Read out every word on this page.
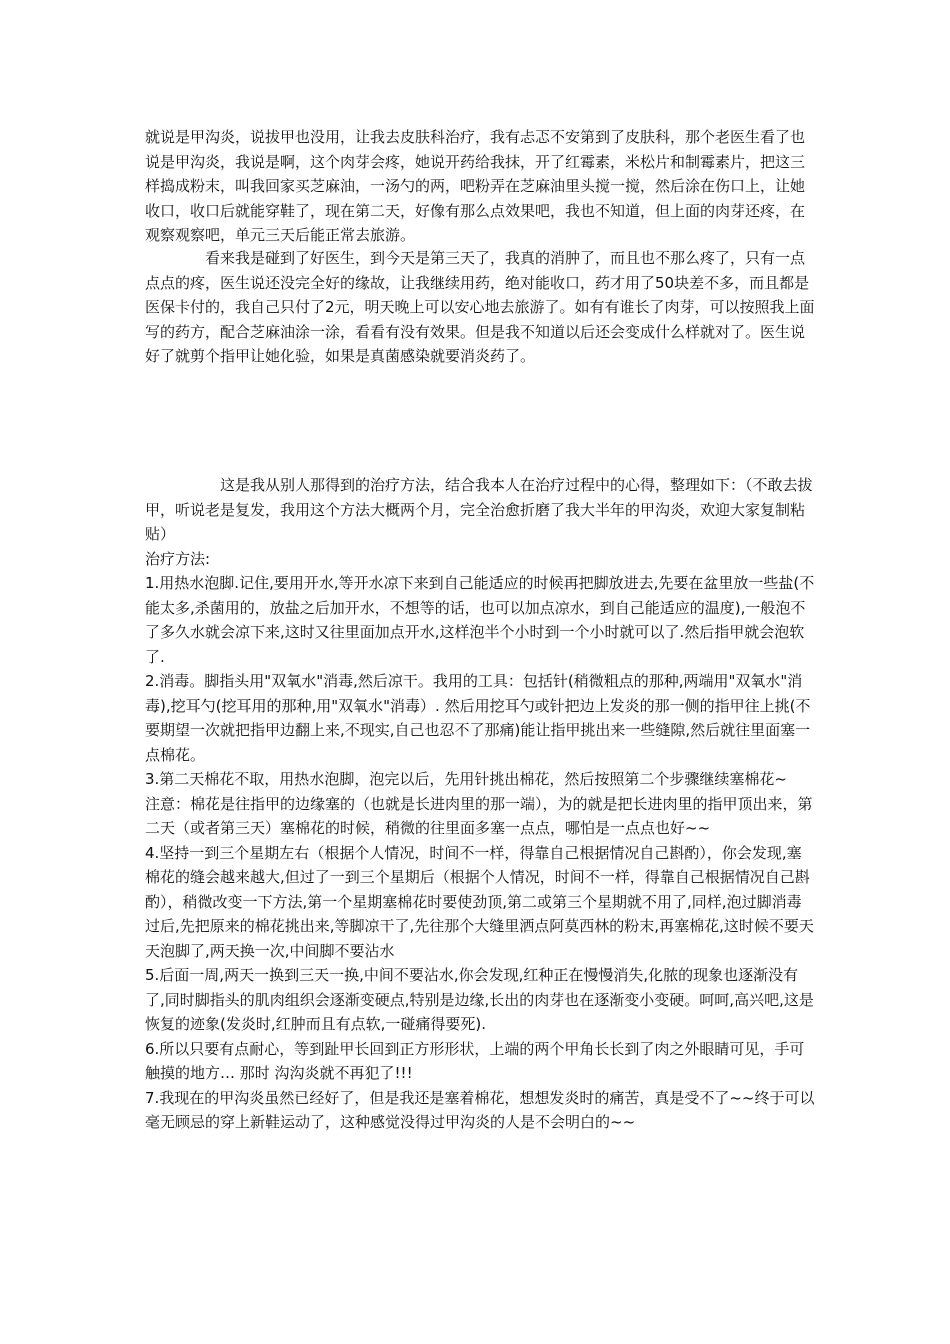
就说是甲沟炎，说拔甲也没用，让我去皮肤科治疗，我有忐忑不安第到了皮肤科，那个老医生看了也说是甲沟炎，我说是啊，这个肉芽会疼，她说开药给我抹，开了红霉素，米松片和制霉素片，把这三样捣成粉末，叫我回家买芝麻油，一汤勺的两，吧粉弄在芝麻油里头搅一搅，然后涂在伤口上，让她收口，收口后就能穿鞋了，现在第二天，好像有那么点效果吧，我也不知道，但上面的肉芽还疼，在观察观察吧，单元三天后能正常去旅游。

　　　　看来我是碰到了好医生，到今天是第三天了，我真的消肿了，而且也不那么疼了，只有一点点点的疼，医生说还没完全好的缘故，让我继续用药，绝对能收口，药才用了50块差不多，而且都是医保卡付的，我自己只付了2元，明天晚上可以安心地去旅游了。如有有谁长了肉芽，可以按照我上面写的药方，配合芝麻油涂一涂，看看有没有效果。但是我不知道以后还会变成什么样就对了。医生说好了就剪个指甲让她化验，如果是真菌感染就要消炎药了。

　　　　　这是我从别人那得到的治疗方法，结合我本人在治疗过程中的心得，整理如下：（不敢去拔甲，听说老是复发，我用这个方法大概两个月，完全治愈折磨了我大半年的甲沟炎，欢迎大家复制粘贴）
治疗方法:
1.用热水泡脚.记住,要用开水,等开水凉下来到自己能适应的时候再把脚放进去,先要在盆里放一些盐(不能太多,杀菌用的，放盐之后加开水，不想等的话，也可以加点凉水，到自己能适应的温度),一般泡不了多久水就会凉下来,这时又往里面加点开水,这样泡半个小时到一个小时就可以了.然后指甲就会泡软了.
2.消毒。脚指头用"双氧水"消毒,然后凉干。我用的工具：包括针(稍微粗点的那种,两端用"双氧水"消毒),挖耳勺(挖耳用的那种,用"双氧水"消毒）. 然后用挖耳勺或针把边上发炎的那一侧的指甲往上挑(不要期望一次就把指甲边翻上来,不现实,自己也忍不了那痛)能让指甲挑出来一些缝隙,然后就往里面塞一点棉花。
3.第二天棉花不取，用热水泡脚，泡完以后，先用针挑出棉花，然后按照第二个步骤继续塞棉花~
注意：棉花是往指甲的边缘塞的（也就是长进肉里的那一端），为的就是把长进肉里的指甲顶出来，第二天（或者第三天）塞棉花的时候，稍微的往里面多塞一点点，哪怕是一点点也好~~
4.坚持一到三个星期左右（根据个人情况，时间不一样，得靠自己根据情况自己斟酌），你会发现,塞棉花的缝会越来越大,但过了一到三个星期后（根据个人情况，时间不一样，得靠自己根据情况自己斟酌），稍微改变一下方法,第一个星期塞棉花时要使劲顶,第二或第三个星期就不用了,同样,泡过脚消毒过后,先把原来的棉花挑出来,等脚凉干了,先往那个大缝里洒点阿莫西林的粉末,再塞棉花,这时候不要天天泡脚了,两天换一次,中间脚不要沾水
5.后面一周,两天一换到三天一换,中间不要沾水,你会发现,红种正在慢慢消失,化脓的现象也逐渐没有了,同时脚指头的肌肉组织会逐渐变硬点,特别是边缘,长出的肉芽也在逐渐变小变硬。呵呵,高兴吧,这是恢复的迹象(发炎时,红肿而且有点软,一碰痛得要死).
6.所以只要有点耐心，等到趾甲长回到正方形形状，上端的两个甲角长长到了肉之外眼睛可见，手可触摸的地方… 那时 沟沟炎就不再犯了!!!
7.我现在的甲沟炎虽然已经好了，但是我还是塞着棉花，想想发炎时的痛苦，真是受不了~~终于可以毫无顾忌的穿上新鞋运动了，这种感觉没得过甲沟炎的人是不会明白的~~
